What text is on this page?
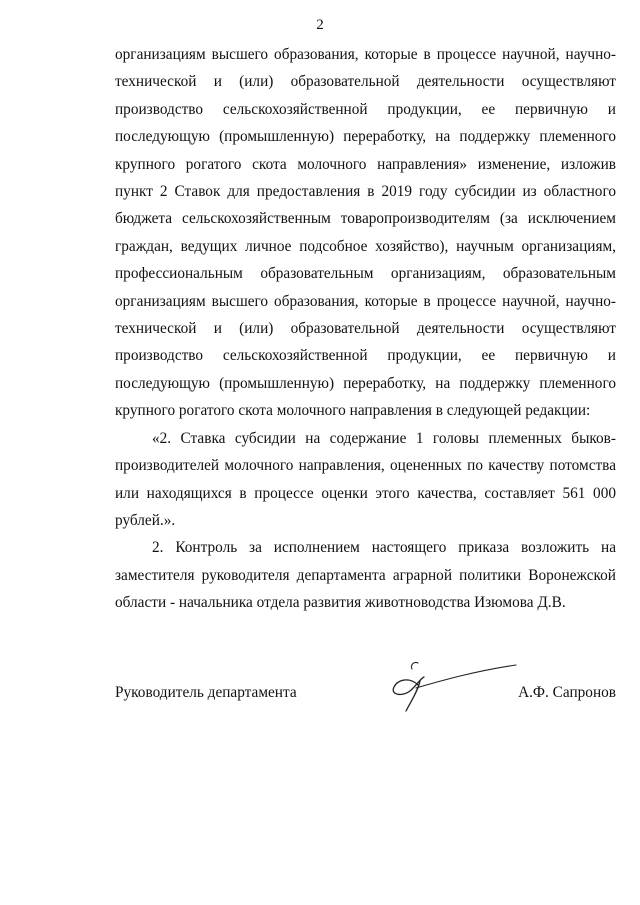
2

организациям высшего образования, которые в процессе научной, научно-технической и (или) образовательной деятельности осуществляют производство сельскохозяйственной продукции, ее первичную и последующую (промышленную) переработку, на поддержку племенного крупного рогатого скота молочного направления» изменение, изложив пункт 2 Ставок для предоставления в 2019 году субсидии из областного бюджета сельскохозяйственным товаропроизводителям (за исключением граждан, ведущих личное подсобное хозяйство), научным организациям, профессиональным образовательным организациям, образовательным организациям высшего образования, которые в процессе научной, научно-технической и (или) образовательной деятельности осуществляют производство сельскохозяйственной продукции, ее первичную и последующую (промышленную) переработку, на поддержку племенного крупного рогатого скота молочного направления в следующей редакции:

«2. Ставка субсидии на содержание 1 головы племенных быков-производителей молочного направления, оцененных по качеству потомства или находящихся в процессе оценки этого качества, составляет 561 000 рублей.».

2. Контроль за исполнением настоящего приказа возложить на заместителя руководителя департамента аграрной политики Воронежской области - начальника отдела развития животноводства Изюмова Д.В.

Руководитель департамента	А.Ф. Сапронов
